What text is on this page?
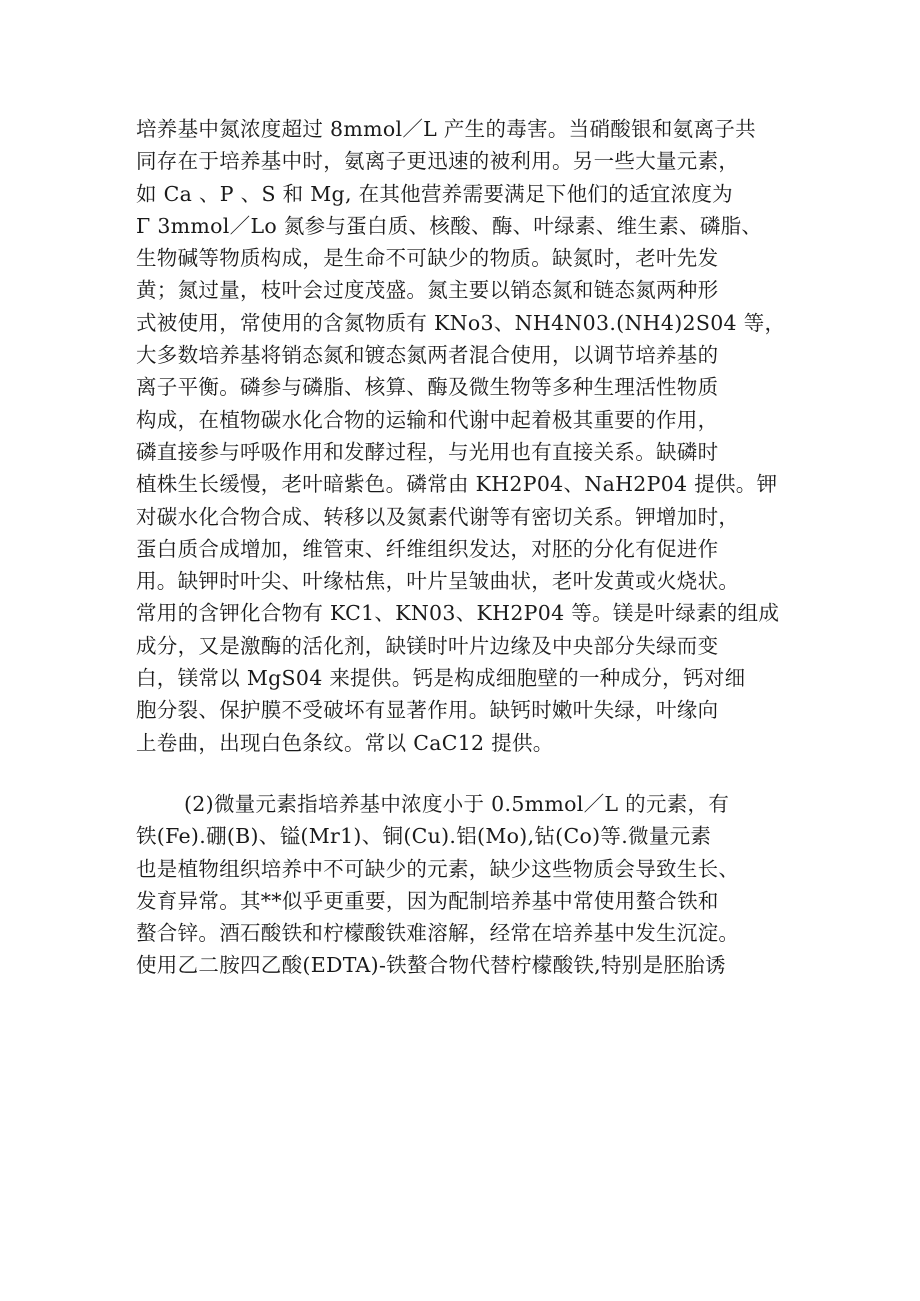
培养基中氮浓度超过 8mmol／L 产生的毒害。当硝酸银和氨离子共
同存在于培养基中时，氨离子更迅速的被利用。另一些大量元素，
如 Ca 、P 、S 和 Mg, 在其他营养需要满足下他们的适宜浓度为
Γ 3mmol／Lo 氮参与蛋白质、核酸、酶、叶绿素、维生素、磷脂、
生物碱等物质构成，是生命不可缺少的物质。缺氮时，老叶先发
黄；氮过量，枝叶会过度茂盛。氮主要以销态氮和链态氮两种形
式被使用，常使用的含氮物质有 KNo3、NH4N03.(NH4)2S04 等，
大多数培养基将销态氮和镀态氮两者混合使用，以调节培养基的
离子平衡。磷参与磷脂、核算、酶及微生物等多种生理活性物质
构成，在植物碳水化合物的运输和代谢中起着极其重要的作用，
磷直接参与呼吸作用和发酵过程，与光用也有直接关系。缺磷时
植株生长缓慢，老叶暗紫色。磷常由 KH2P04、NaH2P04 提供。钾
对碳水化合物合成、转移以及氮素代谢等有密切关系。钾增加时，
蛋白质合成增加，维管束、纤维组织发达，对胚的分化有促进作
用。缺钾时叶尖、叶缘枯焦，叶片呈皱曲状，老叶发黄或火烧状。
常用的含钾化合物有 KC1、KN03、KH2P04 等。镁是叶绿素的组成
成分，又是激酶的活化剂，缺镁时叶片边缘及中央部分失绿而变
白，镁常以 MgS04 来提供。钙是构成细胞壁的一种成分，钙对细
胞分裂、保护膜不受破坏有显著作用。缺钙时嫩叶失绿，叶缘向
上卷曲，出现白色条纹。常以 CaC12 提供。
(2)微量元素指培养基中浓度小于 0.5mmol／L 的元素，有
铁(Fe).硼(B)、镒(Mr1)、铜(Cu).铝(Mo),钻(Co)等.微量元素
也是植物组织培养中不可缺少的元素，缺少这些物质会导致生长、
发育异常。其**似乎更重要，因为配制培养基中常使用螯合铁和
螯合锌。酒石酸铁和柠檬酸铁难溶解，经常在培养基中发生沉淀。
使用乙二胺四乙酸(EDTA)-铁螯合物代替柠檬酸铁,特别是胚胎诱
